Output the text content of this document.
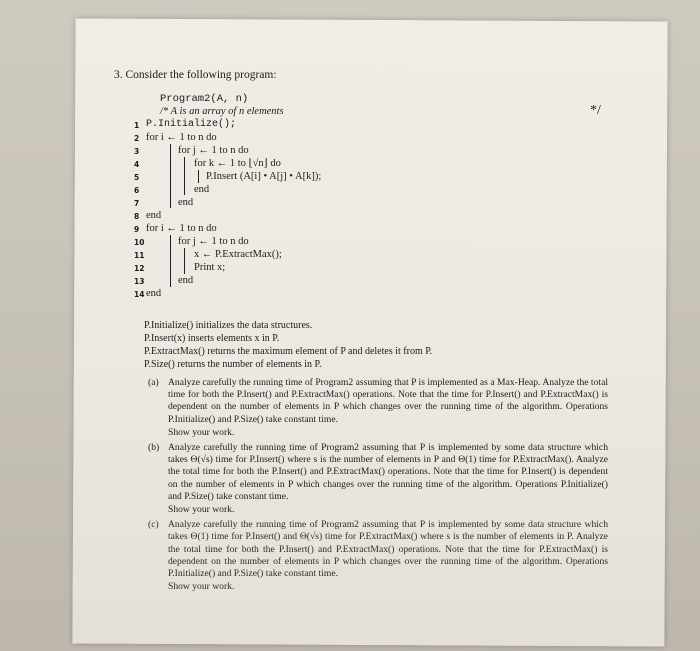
3. Consider the following program:
Program2(A, n)
/* A is an array of n elements
1 P.Initialize();
2 for i ← 1 to n do
3	for j ← 1 to n do
4	for k ← 1 to ⌊√n⌋ do
5	P.Insert (A[i] • A[j] • A[k]);
6	end
7	end
8 end
9 for i ← 1 to n do
10	for j ← 1 to n do
11	x ← P.ExtractMax();
12	Print x;
13	end
14 end
*/
P.Initialize() initializes the data structures.
P.Insert(x) inserts elements x in P.
P.ExtractMax() returns the maximum element of P and deletes it from P.
P.Size() returns the number of elements in P.
(a) Analyze carefully the running time of Program2 assuming that P is implemented as a Max-Heap. Analyze the total time for both the P.Insert() and P.ExtractMax() operations. Note that the time for P.Insert() and P.ExtractMax() is dependent on the number of elements in P which changes over the running time of the algorithm. Operations P.Initialize() and P.Size() take constant time.

Show your work.

(b) Analyze carefully the running time of Program2 assuming that P is implemented by some data structure which takes Θ(√s) time for P.Insert() where s is the number of elements in P and Θ(1) time for P.ExtractMax(). Analyze the total time for both the P.Insert() and P.ExtractMax() operations. Note that the time for P.Insert() is dependent on the number of elements in P which changes over the running time of the algorithm. Operations P.Initialize() and P.Size() take constant time.

Show your work.

(c) Analyze carefully the running time of Program2 assuming that P is implemented by some data structure which takes Θ(1) time for P.Insert() and Θ(√s) time for P.ExtractMax() where s is the number of elements in P. Analyze the total time for both the P.Insert() and P.ExtractMax() operations. Note that the time for P.ExtractMax() is dependent on the number of elements in P which changes over the running time of the algorithm. Operations P.Initialize() and P.Size() take constant time.

Show your work.
